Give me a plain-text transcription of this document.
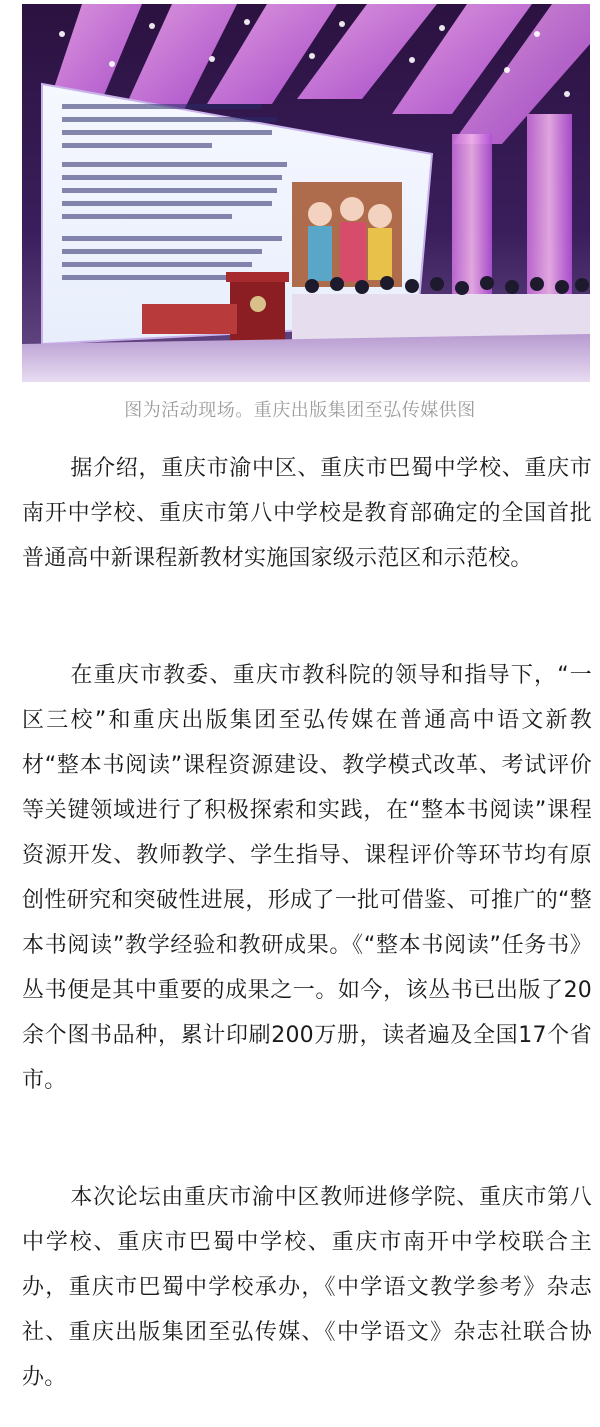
图为活动现场。重庆出版集团至弘传媒供图

据介绍，重庆市渝中区、重庆市巴蜀中学校、重庆市南开中学校、重庆市第八中学校是教育部确定的全国首批普通高中新课程新教材实施国家级示范区和示范校。

在重庆市教委、重庆市教科院的领导和指导下，“一区三校”和重庆出版集团至弘传媒在普通高中语文新教材“整本书阅读”课程资源建设、教学模式改革、考试评价等关键领域进行了积极探索和实践，在“整本书阅读”课程资源开发、教师教学、学生指导、课程评价等环节均有原创性研究和突破性进展，形成了一批可借鉴、可推广的“整本书阅读”教学经验和教研成果。《“整本书阅读”任务书》丛书便是其中重要的成果之一。如今，该丛书已出版了20余个图书品种，累计印刷200万册，读者遍及全国17个省市。

本次论坛由重庆市渝中区教师进修学院、重庆市第八中学校、重庆市巴蜀中学校、重庆市南开中学校联合主办，重庆市巴蜀中学校承办，《中学语文教学参考》杂志社、重庆出版集团至弘传媒、《中学语文》杂志社联合协办。
